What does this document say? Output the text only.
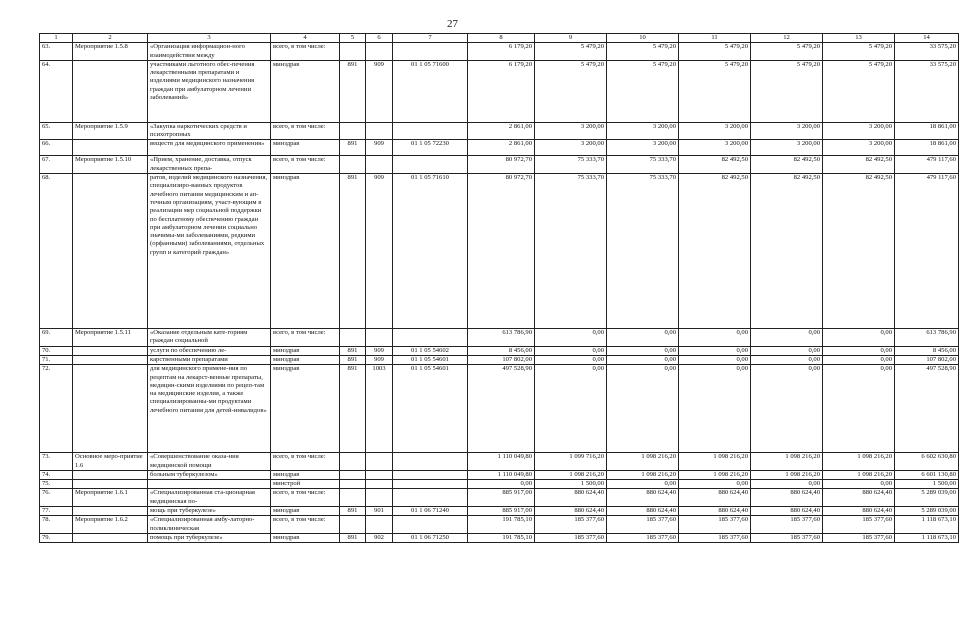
27
1	2	3	4	5	6	7	8	9	10	11	12	13	14
63.	Мероприятие 1.5.8	«Организация информацион-ного взаимодействия между	всего, в том числе:				6 179,20	5 479,20	5 479,20	5 479,20	5 479,20	5 479,20	33 575,20
64.		участниками льготного обес-печения лекарственными препаратами и изделиями медицинского назначения граждан при амбулаторном лечении заболеваний»	минздрав	891	909	01 1 05 71600	6 179,20	5 479,20	5 479,20	5 479,20	5 479,20	5 479,20	33 575,20
65.	Мероприятие 1.5.9	«Закупка наркотических средств и психотропных	всего, в том числе:				2 861,00	3 200,00	3 200,00	3 200,00	3 200,00	3 200,00	18 861,00
66.		веществ для медицинского применения»	минздрав	891	909	01 1 05 72230	2 861,00	3 200,00	3 200,00	3 200,00	3 200,00	3 200,00	18 861,00
67.	Мероприятие 1.5.10	«Прием, хранение, доставка, отпуск лекарственных препа-	всего, в том числе:				80 972,70	75 333,70	75 333,70	82 492,50	82 492,50	82 492,50	479 117,60
68.		ратов, изделий медицинского назначения, специализиро-ванных продуктов лечебного питания медицинским и ап-течным организациям, участ-вующим в реализации мер социальной поддержки по бесплатному обеспечению граждан при амбулаторном лечении социально значимы-ми заболеваниями, редкими (орфанными) заболеваниями, отдельных групп и категорий граждан»	минздрав	891	909	01 1 05 71610	80 972,70	75 333,70	75 333,70	82 492,50	82 492,50	82 492,50	479 117,60
69.	Мероприятие 1.5.11	«Оказание отдельным кате-гориям граждан социальной	всего, в том числе:				613 786,90	0,00	0,00	0,00	0,00	0,00	613 786,90
70.		услуги по обеспечению ле-	минздрав	891	909	01 1 05 54602	8 456,00	0,00	0,00	0,00	0,00	0,00	8 456,00
71.		карственными препаратами	минздрав	891	909	01 1 05 54601	107 802,00	0,00	0,00	0,00	0,00	0,00	107 802,00
72.		для медицинского примене-ния по рецептам на лекарст-венные препараты, медицин-скими изделиями по рецеп-там на медицинские изделия, а также специализированны-ми продуктами лечебного питания для детей-инвалидов»	минздрав	891	1003	01 1 05 54601	497 528,90	0,00	0,00	0,00	0,00	0,00	497 528,90
73.	Основное меро-приятие 1.6	«Совершенствование оказа-ния медицинской помощи	всего, в том числе:				1 110 049,80	1 099 716,20	1 098 216,20	1 098 216,20	1 098 216,20	1 098 216,20	6 602 630,80
74.		больным туберкулезом»	минздрав				1 110 049,80	1 098 216,20	1 098 216,20	1 098 216,20	1 098 216,20	1 098 216,20	6 601 130,80
75.			минстрой				0,00	1 500,00	0,00	0,00	0,00	0,00	1 500,00
76.	Мероприятие 1.6.1	«Специализированная ста-ционарная медицинская по-	всего, в том числе:				885 917,00	880 624,40	880 624,40	880 624,40	880 624,40	880 624,40	5 289 039,00
77.		мощь при туберкулезе»	минздрав	891	901	01 1 06 71240	885 917,00	880 624,40	880 624,40	880 624,40	880 624,40	880 624,40	5 289 039,00
78.	Мероприятие 1.6.2	«Специализированная амбу-латорно-поликлиническая	всего, в том числе:				191 785,10	185 377,60	185 377,60	185 377,60	185 377,60	185 377,60	1 118 673,10
79.		помощь при туберкулезе»	минздрав	891	902	01 1 06 71250	191 785,10	185 377,60	185 377,60	185 377,60	185 377,60	185 377,60	1 118 673,10
